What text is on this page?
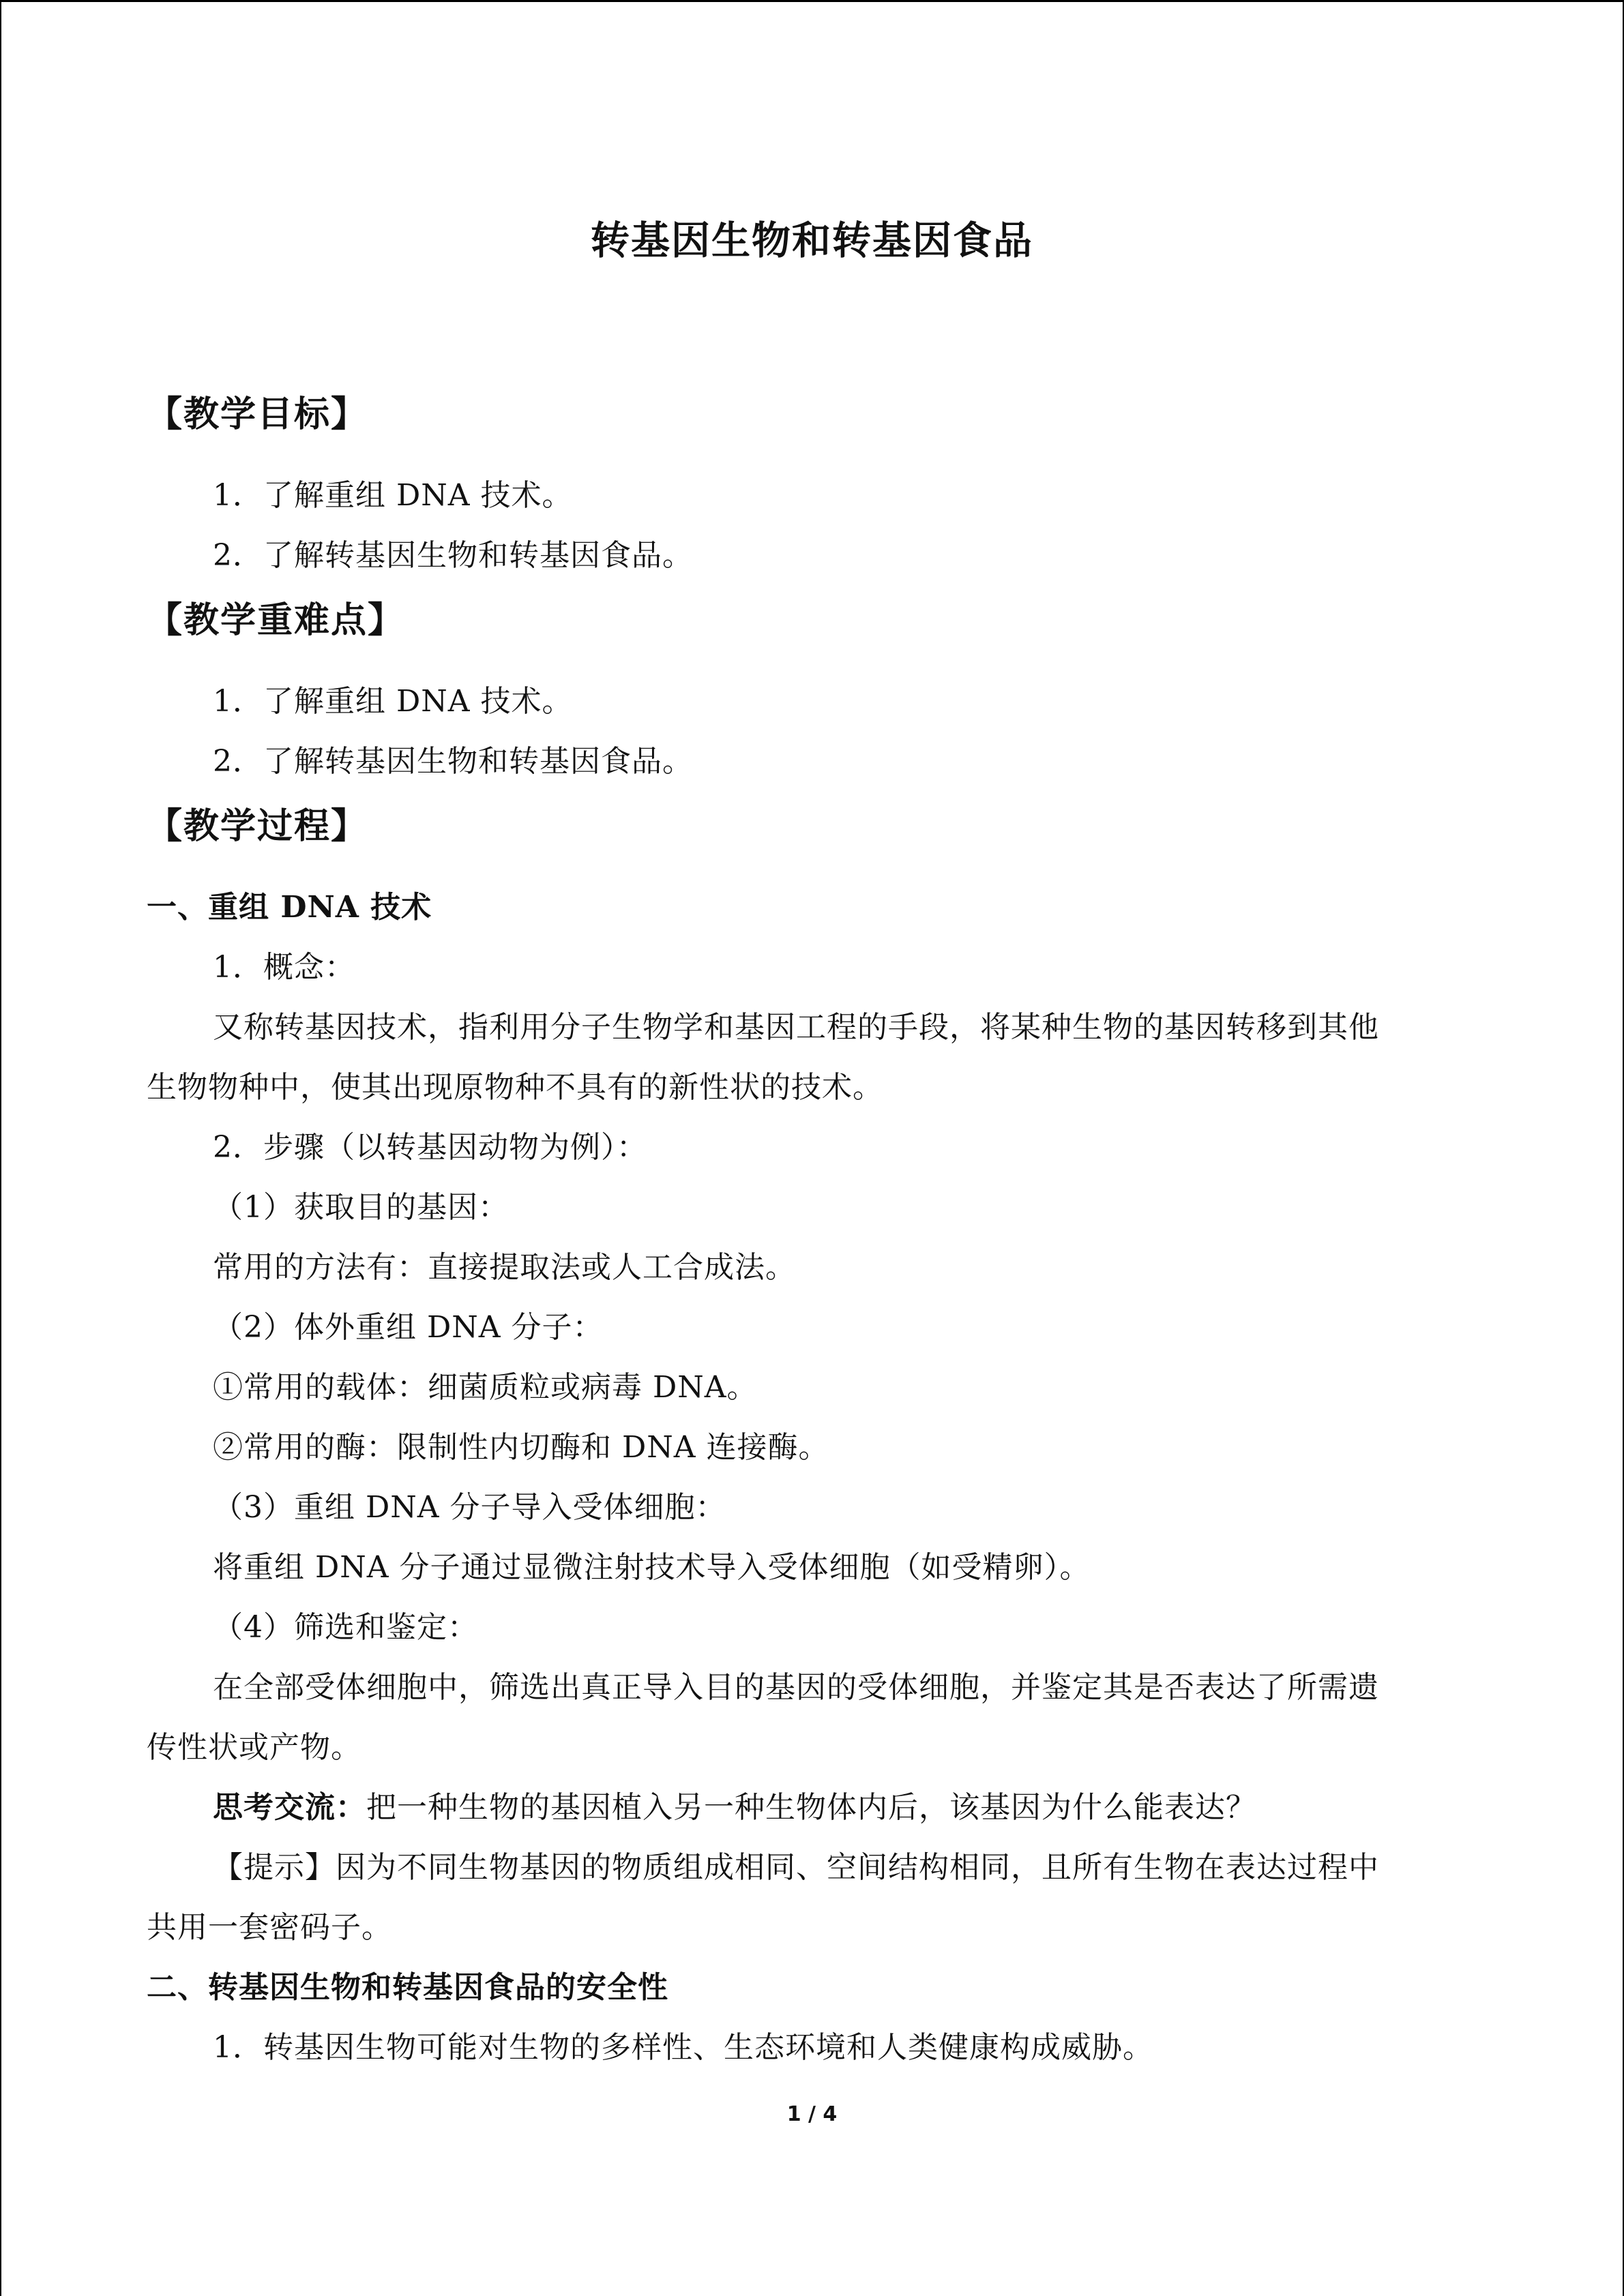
转基因生物和转基因食品
【教学目标】
1．了解重组 DNA 技术。
2．了解转基因生物和转基因食品。
【教学重难点】
1．了解重组 DNA 技术。
2．了解转基因生物和转基因食品。
【教学过程】
一、重组 DNA 技术
1．概念：
又称转基因技术，指利用分子生物学和基因工程的手段，将某种生物的基因转移到其他
生物物种中，使其出现原物种不具有的新性状的技术。
2．步骤（以转基因动物为例）：
（1）获取目的基因：
常用的方法有：直接提取法或人工合成法。
（2）体外重组 DNA 分子：
①常用的载体：细菌质粒或病毒 DNA。
②常用的酶：限制性内切酶和 DNA 连接酶。
（3）重组 DNA 分子导入受体细胞：
将重组 DNA 分子通过显微注射技术导入受体细胞（如受精卵）。
（4）筛选和鉴定：
在全部受体细胞中，筛选出真正导入目的基因的受体细胞，并鉴定其是否表达了所需遗
传性状或产物。
思考交流：把一种生物的基因植入另一种生物体内后，该基因为什么能表达？
【提示】因为不同生物基因的物质组成相同、空间结构相同，且所有生物在表达过程中
共用一套密码子。
二、转基因生物和转基因食品的安全性
1．转基因生物可能对生物的多样性、生态环境和人类健康构成威胁。
1 / 4
